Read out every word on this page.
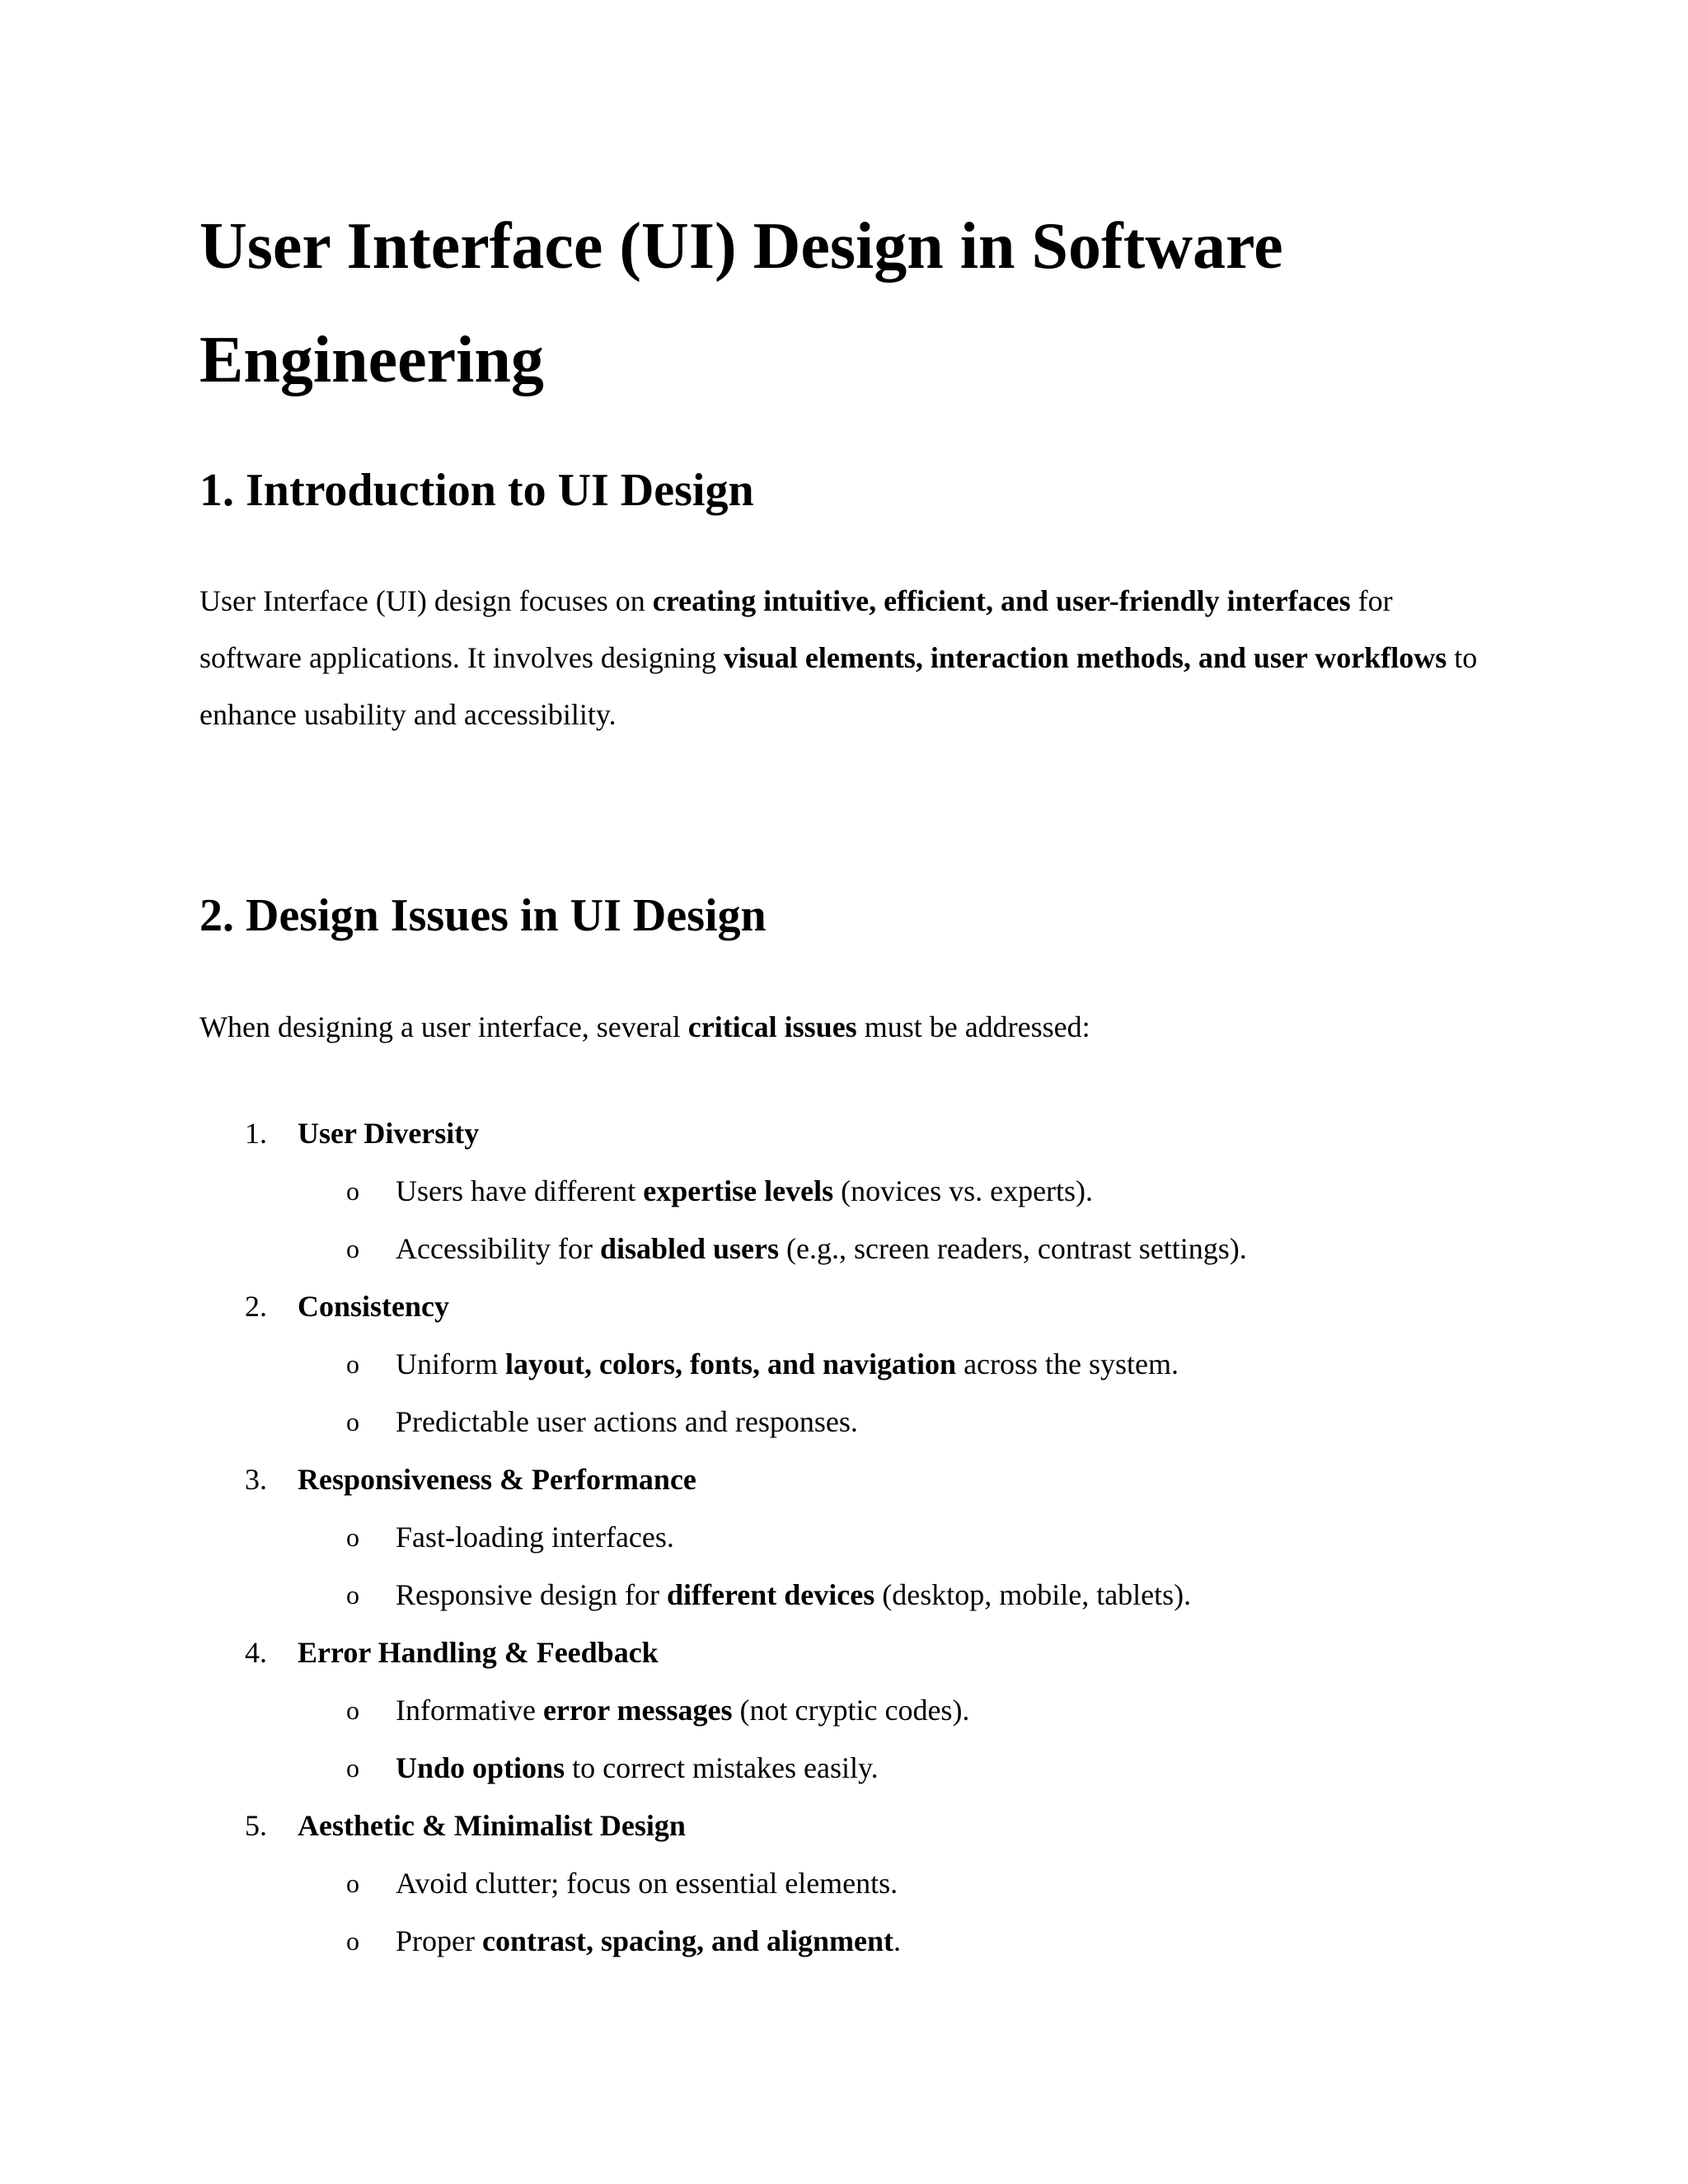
User Interface (UI) Design in Software Engineering
1. Introduction to UI Design

User Interface (UI) design focuses on creating intuitive, efficient, and user-friendly interfaces for software applications. It involves designing visual elements, interaction methods, and user workflows to enhance usability and accessibility.

2. Design Issues in UI Design

When designing a user interface, several critical issues must be addressed:

1.	User Diversity
o Users have different expertise levels (novices vs. experts).
o Accessibility for disabled users (e.g., screen readers, contrast settings).
2.	Consistency
o Uniform layout, colors, fonts, and navigation across the system.
o Predictable user actions and responses.
3.	Responsiveness & Performance
o Fast-loading interfaces.
o Responsive design for different devices (desktop, mobile, tablets).
4.	Error Handling & Feedback
o Informative error messages (not cryptic codes).
o Undo options to correct mistakes easily.
5.	Aesthetic & Minimalist Design
o Avoid clutter; focus on essential elements.
o Proper contrast, spacing, and alignment.
